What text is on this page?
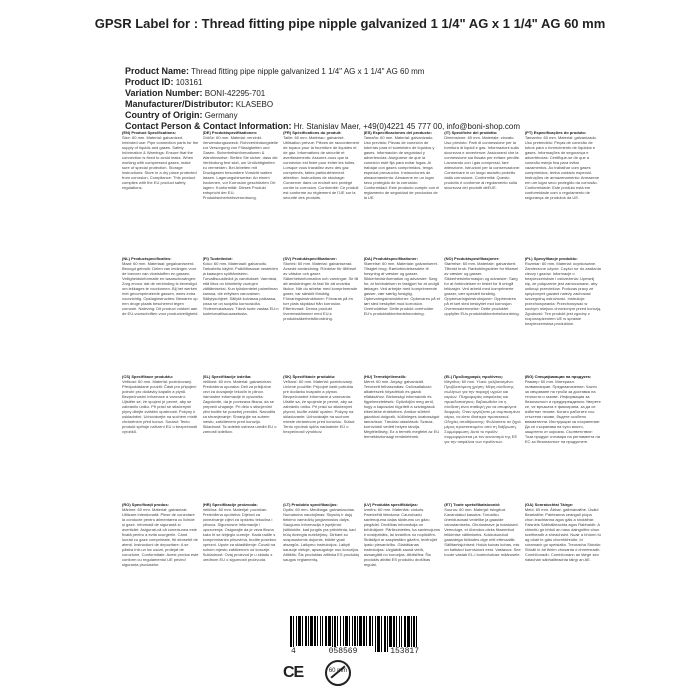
GPSR Label for : Thread fitting pipe nipple galvanized 1 1/4" AG x 1 1/4" AG 60 mm
Product Name: Thread fitting pipe nipple galvanized 1 1/4" AG x 1 1/4" AG 60 mm
Product ID: 103161
Variation Number: BONI-42295-701
Manufacturer/Distributor: KLASEBO
Country of Origin: Germany
Contact Person & Contact Information: Hr. Stanislav Maer, +49(0)4221 45 777 00, info@boni-shop.com
(EN) Product Specifications:
Size: 60 mm. Material: galvanized. Intended use: Pipe connection parts for the supply of liquids and gases. Safety Information & Warnings: Ensure that the connection is fixed to avoid leaks. When working with compressed gases, make sure of special protection. Storage instructions: Store in a dry place protected from corrosion. Compliance: This product complies with the EU product safety regulations.
(DE) Produktspezifikationen:
Größe: 60 mm. Material: verzinkt. Verwendungszweck: Rohrverbindungsteile zur Versorgung von Flüssigkeiten und Gasen. Sicherheitsinformationen & Warnhinweise: Stellen Sie sicher, dass die Verbindung fest sitzt, um Undichtigkeiten zu vermeiden. Bei Arbeiten mit Druckgasen besondere Vorsicht walten lassen. Lagerungshinweise: An einem trockenen, vor Korrosion geschützten Ort lagern. Konformität: Dieses Produkt entspricht der EU-Produktsicherheitsverordnung.
(FR) Spécifications du produit:
Taille: 60 mm. Matériau: galvanisé. Utilisation prévue: Pièces de raccordement de tuyaux pour la fourniture de liquides et de gaz. Informations de sécurité et avertissements: Assurez-vous que la connexion est fixée pour éviter les fuites. Lorsque vous travaillez avec des gaz comprimés, faites particulièrement attention. Instructions de stockage: Conserver dans un endroit sec protégé contre la corrosion. Conformité: Ce produit est conforme au règlement de l'UE sur la sécurité des produits.
(ES) Especificaciones del producto:
Tamaño: 60 mm. Material: galvanizado. Uso previsto: Piezas de conexión de tuberías para el suministro de líquidos y gases. Información de seguridad y advertencias: Asegúrese de que la conexión esté fija para evitar fugas. Al trabajar con gases comprimidos, tenga especial precaución. Instrucciones de almacenamiento: Almacene en un lugar seco protegido de la corrosión. Conformidad: Este producto cumple con el reglamento de seguridad de productos de la UE.
(IT) Specifiche del prodotto:
Dimensione: 60 mm. Materiale: zincato. Uso previsto: Parti di connessione per la fornitura di liquidi e gas. Informazioni sulla sicurezza e avvertenze: Assicurarsi che la connessione sia fissata per evitare perdite. Lavorando con i gas compressi, fare attenzione. Istruzioni per la conservazione: Conservare in un luogo asciutto protetto dalla corrosione. Conformità: Questo prodotto è conforme al regolamento sulla sicurezza dei prodotti dell'UE.
(PT) Especificações do produto:
Tamanho: 60 mm. Material: galvanizado. Uso pretendido: Peças de conexão de tubos para o fornecimento de líquidos e gases. Informações de segurança e advertências: Certifique-se de que a conexão esteja fixa para evitar vazamentos. Ao trabalhar com gases comprimidos, tenha cuidado especial. Instruções de armazenamento: Armazene em um lugar seco protegido da corrosão. Conformidade: Este produto está em conformidade com o regulamento de segurança de produtos da UE.
(NL) Productspecificaties:
Maat: 60 mm. Materiaal: gegalvaniseerd. Beoogd gebruik: Delen van leidingen voor de toevoer van vloeistoffen en gassen. Veiligheidsinformatie en waarschuwingen: Zorg ervoor dat de verbinding is bevestigd om lekkages te voorkomen. Bij het werken met gecomprimeerde gassen, wees extra voorzichtig. Opslaginstructies: Bewaren op een droge plaats beschermd tegen corrosie. Naleving: Dit product voldoet aan de EU-voorschriften voor productveiligheid.
(FI) Tuotetiedot:
Koko: 60 mm. Materiaali: galvanoitu. Tarkoitettu käyttö: Putkiliitososat nesteiden ja kaasujen syöttämiseen. Turvallisuustiedot ja varoitukset: Varmista, että liitos on kiinnitetty vuotojen välttämiseksi. Kun työskentelet paineilman kanssa, ole erityisen varovainen. Säilytysohjeet: Säilytä kuivassa paikassa, jossa se on suojattu korroosiolta. Yhdenmukaisuus: Tämä tuote vastaa EU:n tuoteturvallisuusasetusta.
(SV) Produktspecifikationer:
Storlek: 60 mm. Material: galvaniserad. Avsedd användning: Rördelar för tillförsel av vätskor och gaser. Säkerhetsinformation och varningar: Se till att anslutningen är fast för att undvika läckor. När du arbetar med komprimerade gaser, var särskilt försiktig. Förvaringsinstruktioner: Förvaras på en torr plats skyddad från korrosion. Efterlevnad: Denna produkt överensstämmer med EU:s produktsäkerhetsförordning.
(DA) Produktspecifikationer:
Størrelse: 60 mm. Materiale: galvaniseret. Tilsigtet brug: Rørforbindelsesdele til forsyning af væsker og gasser. Sikkerhedsinformation og advarsler: Sørg for, at forbindelsen er fastgjort for at undgå lækager. Ved arbejde med komprimerede gasser, vær særlig forsigtig. Opbevaringsinstruktioner: Opbevares på et tørt sted beskyttet mod korrosion. Overholdelse: Dette produkt overholder EU's produktsikkerhedsforordning.
(NO) Produktspesifikasjoner:
Størrelse: 60 mm. Materiale: galvanisert. Tiltenkt bruk: Rørkoblingsdeler for tilførsel av væsker og gasser. Sikkerhetsinformasjon og advarsler: Sørg for at forbindelsen er festet for å unngå lekkasjer. Ved arbeid med komprimerte gasser, vær spesielt forsiktig. Oppbevaringsinstruksjoner: Oppbevares på et tørt sted beskyttet mot korrosjon. Overensstemmelse: Dette produktet oppfyller EUs produktsikkerhetsforordning.
(PL) Specyfikacje produktu:
Rozmiar: 60 mm. Materiał: ocynkowane. Zamierzone użycie: Części rur do zasilania cieczy i gazów. Informacje o bezpieczeństwie i ostrzeżenia: Upewnij się, że połączenie jest zamocowane, aby uniknąć przecieków. Podczas pracy ze sprężonymi gazami należy zachować szczególną ostrożność. Instrukcje przechowywania: Przechowywać w suchym miejscu chronionym przed korozją. Zgodność: Ten produkt jest zgodny z rozporządzeniem UE w sprawie bezpieczeństwa produktów.
(CS) Specifikace produktu:
Velikost: 60 mm. Materiál: pozinkovaný. Předpokládané použití: Části pro připojení potrubí pro dodávky kapalin a plynů. Bezpečnostní informace a varování: Ujistěte se, že spojení je pevné, aby se zabránilo úniku. Při práci se stlačenými plyny dbejte zvláštní opatrnosti. Pokyny k uskladnění: Uchovávejte na suchém místě chráněném před korozí. Soulad: Tento produkt splňuje nařízení EU o bezpečnosti výrobků.
(SL) Specifikacije izdelka:
Velikost: 60 mm. Material: galvaniziran. Predvidena uporaba: Deli za priključne cevi za dovajanje tekočin in plinov. Varnostne informacije in opozorila: Zagotovite, da je povezava fiksna, da se prepreči uhajanje. Pri delu s stisnjenimi plini bodite še posebej previdni. Navodila za shranjevanje: Shranjujte na suhem mestu, zaščitenem pred korozijo. Skladnost: Ta izdelek ustreza uredbi EU o varnosti izdelkov.
(SK) Špecifikácie produktu:
Veľkosť: 60 mm. Materiál: pozinkovaný. Určené použitie: Prípojné časti potrubia pre dodávku kvapalín a plynov. Bezpečnostné informácie a varovania: Uistite sa, že spojenie je pevné, aby sa zabránilo úniku. Pri práci so stlačenými plynmi, buďte zvlášť opatrní. Pokyny na skladovanie: Uchovávajte na suchom mieste chránenom pred koróziou. Súlad: Tento výrobok spĺňa nariadenie EÚ o bezpečnosti výrobkov.
(HU) Termékjellemzők:
Méret: 60 mm. Anyag: galvanizált. Tervezett felhasználás: Csőcsatlakozó alkatrészek folyadékok és gázok ellátásához. Biztonsági információk és figyelmeztetések: Győződjön meg arról, hogy a kapcsolat rögzített a szivárgások elkerülése érdekében. Amikor sűrített gázokkal dolgozik, különleges óvatosságot tanúsítson. Tárolási utasítások: Száraz, korróziótól védett helyen tárolja. Megfelelőség: Ez a termék megfelel az EU termékbiztonsági rendeletének.
(EL) Προδιαγραφές προϊόντος:
Μέγεθος: 60 mm. Υλικό: γαλβανισμένο. Προβλεπόμενη χρήση: Μέρη σύνδεσης σωλήνων για την παροχή υγρών και αερίων. Πληροφορίες ασφαλείας και προειδοποιήσεις: Βεβαιωθείτε ότι η σύνδεση είναι σταθερή για να αποφύγετε διαρροές. Όταν εργάζεστε με συμπιεσμένα αέρια, να είστε ιδιαίτερα προσεκτικοί. Οδηγίες αποθήκευσης: Φυλάσσετε σε ξηρό μέρος προστατευμένο από τη διάβρωση. Συμμόρφωση: Αυτό το προϊόν συμμορφώνεται με τον κανονισμό της ΕΕ για την ασφάλεια των προϊόντων.
(BG) Спецификации на продукта:
Размер: 60 mm. Материал: галванизиран. Предназначение: Части за свързване на тръби за доставка на течности и газове. Информация за безопасност и предупреждения: Уверете се, че връзката е фиксирана, за да се избегнат течове. Когато работите със сгъстени газове, бъдете особено внимателни. Инструкции за съхранение: Да се съхранява на сухо място, защитено от корозия. Съответствие: Този продукт отговаря на регламента на ЕС за безопасност на продуктите.
(RO) Specificații produs:
Mărime: 60 mm. Material: galvanizat. Utilizare intenționată: Piese de conectare la conducte pentru alimentarea cu lichide și gaze. Informații de siguranță și avertizări: Asigurați-vă că conexiunea este fixată pentru a evita scurgerile. Când lucrați cu gaze comprimate, fiți deosebit de atenți. Instrucțiuni de depozitare: A se păstra într-un loc uscat, protejat de coroziune. Conformitate: Acest produs este conform cu regulamentul UE privind siguranța produselor.
(HR) Specifikacije proizvoda:
Veličina: 60 mm. Materijal: pocinčan. Predviđena upotreba: Dijelovi za povezivanje cijevi za opskrbu tekućina i plinova. Sigurnosne informacije i upozorenja: Osigurajte da je veza fiksna kako bi se izbjeglo curenje. Kada radite s komprimiranim plinovima, budite posebno oprezni. Upute za skladištenje: Čuvati na suhom mjestu zaštićenom od korozije. Sukladnost: Ovaj proizvod je u skladu s uredbom EU o sigurnosti proizvoda.
(LT) Produkto specifikacijos:
Dydis: 60 mm. Medžiaga: galvanizuotas. Numatoma naudojimas: Skysčių ir dujų tiekimo vamzdžių jungiamosios dalys. Saugumo informacija ir įspėjimai: Įsitikinkite, kad jungtis yra pritvirtinta, kad būtų išvengta nutekėjimų. Dirbant su suspaustomis dujomis, būkite ypač atsargūs. Laikymo instrukcijos: Laikyti sausoje vietoje, apsaugotoje nuo korozijos. Atitiktis: Šis produktas atitinka ES produktų saugos reglamentą.
(LV) Produkta specifikācijas:
Izmērs: 60 mm. Materiāls: cinkots. Paredzētā lietošana: Cauruļvadu savienojuma daļas šķidrumu un gāzu piegādei. Drošības informācija un brīdinājumi: Pārliecinieties, ka savienojums ir nostiprināts, lai izvairītos no noplūdēm. Strādājot ar saspiestām gāzēm, ievērojiet īpašu piesardzību. Glabāšanas instrukcijas: Uzglabāt sausā vietā, aizsargātā no korozijas. Atbilstība: Šis produkts atbilst ES produktu drošības regulai.
(ET) Toote spetsifikatsioonid:
Suurus: 60 mm. Materjal: tsingitud. Kavandatud kasutus: Torustiku ühendusosad vedelike ja gaaside varustamiseks. Ohutusteave ja hoiatused: Veenduge, et ühendus oleks fikseeritud lekkimise vältimiseks. Kokkusurutud gaasidega töötades olge eriti ettevaatlik. Säilitamisjuhised: Hoida kuivas kohas, mis on kaitstud korrosiooni eest. Vastavus: See toode vastab EL-i tooteohutuse määrusele.
(GA) Sonraíochtaí Táirge:
Méid: 60 mm. Ábhar: galbhánaithe. Úsáid Beartaithe: Páirteanna ceangail píopa chun leachtanna agus gáis a sholáthar. Faisnéis Sábháilteachta agus Rabhaidh: A chinntiú go bhfuil an nasc daingnithe chun sceitheadh a sheachaint. Nuair a bhíonn tú ag obair le gáis chomhbhrúite, bí cúramach go speisialta. Treoracha Stórála: Stóráil in áit thirim chosanta ó chreimeadh. Comhlíonadh: Comhlíonann an táirge seo rialachán sábháilteachta táirgí an AE.
4	058569	153817
CE	60 mm
